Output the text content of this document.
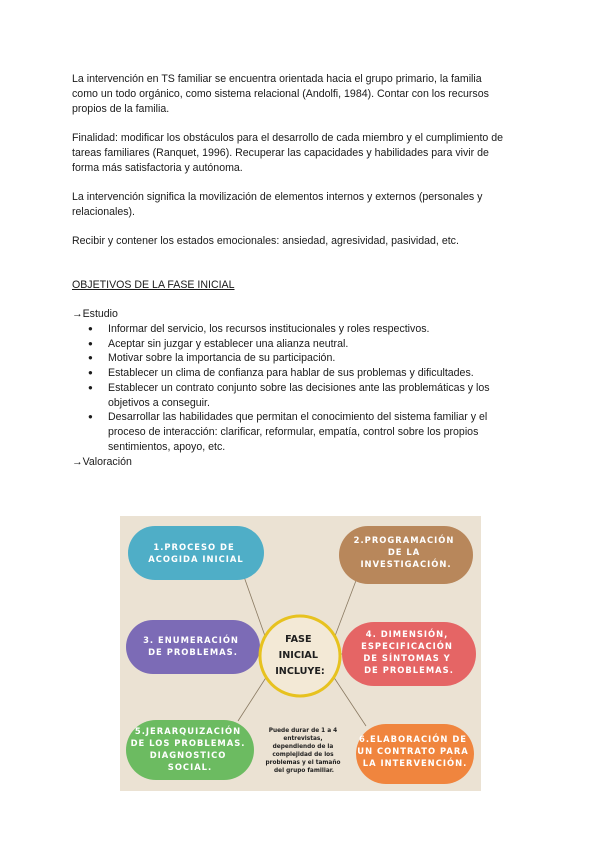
La intervención en TS familiar se encuentra orientada hacia el grupo primario, la familia
como un todo orgánico, como sistema relacional (Andolfi, 1984). Contar con los recursos
propios de la familia.

Finalidad: modificar los obstáculos para el desarrollo de cada miembro y el cumplimiento de
tareas familiares (Ranquet, 1996). Recuperar las capacidades y habilidades para vivir de
forma más satisfactoria y autónoma.

La intervención significa la movilización de elementos internos y externos (personales y
relacionales).

Recibir y contener los estados emocionales: ansiedad, agresividad, pasividad, etc.

OBJETIVOS DE LA FASE INICIAL

→Estudio

● Informar del servicio, los recursos institucionales y roles respectivos.
● Aceptar sin juzgar y establecer una alianza neutral.
● Motivar sobre la importancia de su participación.
● Establecer un clima de confianza para hablar de sus problemas y dificultades.
● Establecer un contrato conjunto sobre las decisiones ante las problemáticas y los
objetivos a conseguir.
● Desarrollar las habilidades que permitan el conocimiento del sistema familiar y el
proceso de interacción: clarificar, reformular, empatía, control sobre los propios
sentimientos, apoyo, etc.

→Valoración

1.PROCESO DE ACOGIDA INICIAL
2.PROGRAMACIÓN DE LA INVESTIGACIÓN.
3. ENUMERACIÓN DE PROBLEMAS.
4. DIMENSIÓN, ESPECIFICACIÓN DE SÍNTOMAS Y DE PROBLEMAS.
5.JERARQUIZACIÓN DE LOS PROBLEMAS. DIAGNOSTICO SOCIAL.
6.ELABORACIÓN DE UN CONTRATO PARA LA INTERVENCIÓN.
FASE INICIAL INCLUYE:
Puede durar de 1 a 4 entrevistas, dependiendo de la complejidad de los problemas y el tamaño del grupo familiar.
